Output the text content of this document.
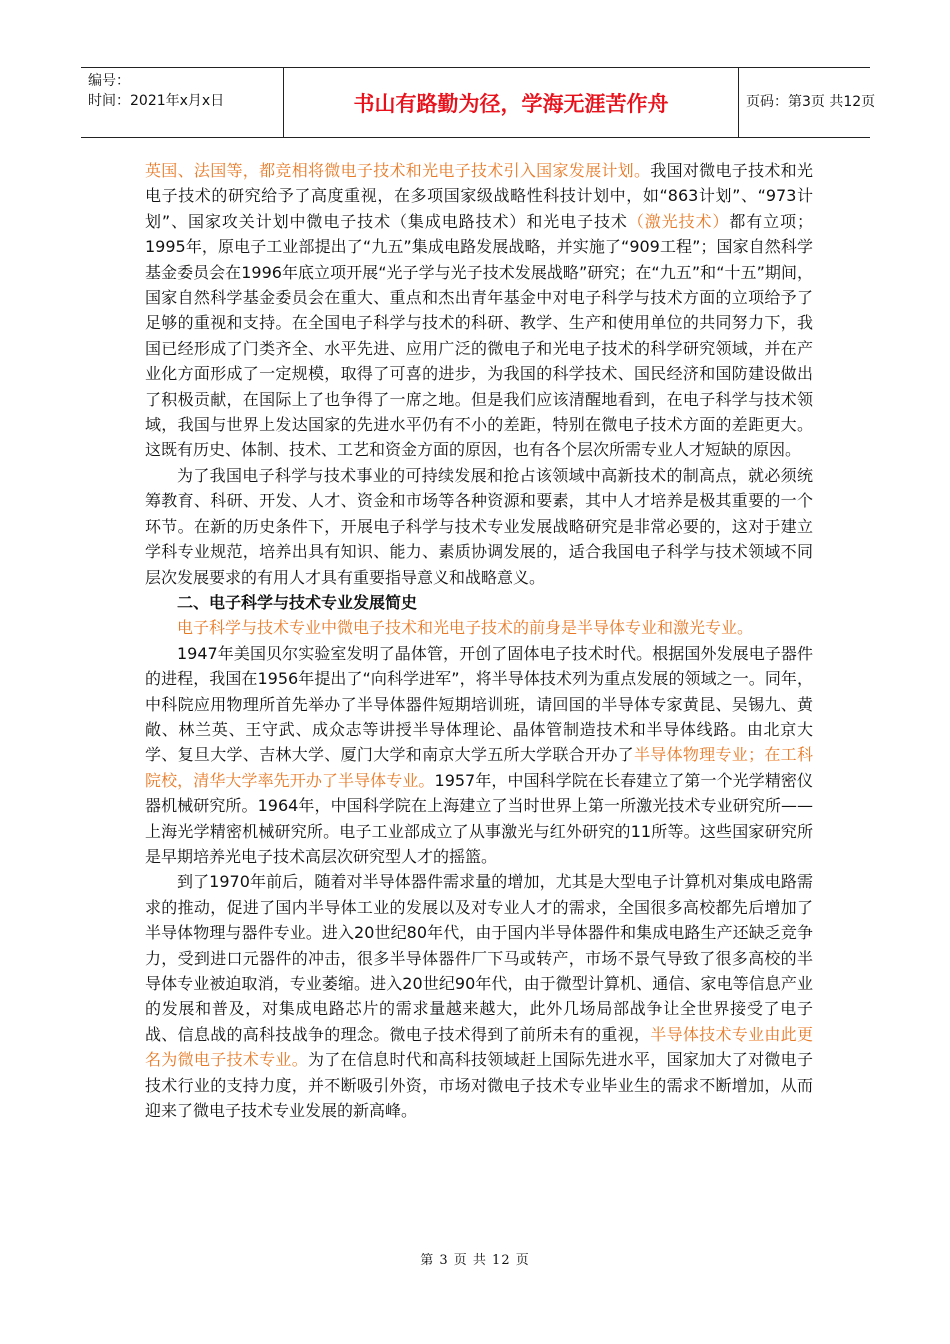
编号：
时间：2021年x月x日	书山有路勤为径，学海无涯苦作舟	页码：第3页 共12页

英国、法国等，都竞相将微电子技术和光电子技术引入国家发展计划。我国对微电子技术和光电子技术的研究给予了高度重视，在多项国家级战略性科技计划中，如“863计划”、“973计划”、国家攻关计划中微电子技术（集成电路技术）和光电子技术（激光技术）都有立项；1995年，原电子工业部提出了“九五”集成电路发展战略，并实施了“909工程”；国家自然科学基金委员会在1996年底立项开展“光子学与光子技术发展战略”研究；在“九五”和“十五”期间，国家自然科学基金委员会在重大、重点和杰出青年基金中对电子科学与技术方面的立项给予了足够的重视和支持。在全国电子科学与技术的科研、教学、生产和使用单位的共同努力下，我国已经形成了门类齐全、水平先进、应用广泛的微电子和光电子技术的科学研究领域，并在产业化方面形成了一定规模，取得了可喜的进步，为我国的科学技术、国民经济和国防建设做出了积极贡献，在国际上了也争得了一席之地。但是我们应该清醒地看到，在电子科学与技术领域，我国与世界上发达国家的先进水平仍有不小的差距，特别在微电子技术方面的差距更大。这既有历史、体制、技术、工艺和资金方面的原因，也有各个层次所需专业人才短缺的原因。

为了我国电子科学与技术事业的可持续发展和抢占该领域中高新技术的制高点，就必须统筹教育、科研、开发、人才、资金和市场等各种资源和要素，其中人才培养是极其重要的一个环节。在新的历史条件下，开展电子科学与技术专业发展战略研究是非常必要的，这对于建立学科专业规范，培养出具有知识、能力、素质协调发展的，适合我国电子科学与技术领域不同层次发展要求的有用人才具有重要指导意义和战略意义。

二、电子科学与技术专业发展简史

电子科学与技术专业中微电子技术和光电子技术的前身是半导体专业和激光专业。

1947年美国贝尔实验室发明了晶体管，开创了固体电子技术时代。根据国外发展电子器件的进程，我国在1956年提出了“向科学进军”，将半导体技术列为重点发展的领域之一。同年，中科院应用物理所首先举办了半导体器件短期培训班，请回国的半导体专家黄昆、吴锡九、黄敞、林兰英、王守武、成众志等讲授半导体理论、晶体管制造技术和半导体线路。由北京大学、复旦大学、吉林大学、厦门大学和南京大学五所大学联合开办了半导体物理专业；在工科院校，清华大学率先开办了半导体专业。1957年，中国科学院在长春建立了第一个光学精密仪器机械研究所。1964年，中国科学院在上海建立了当时世界上第一所激光技术专业研究所——上海光学精密机械研究所。电子工业部成立了从事激光与红外研究的11所等。这些国家研究所是早期培养光电子技术高层次研究型人才的摇篮。

到了1970年前后，随着对半导体器件需求量的增加，尤其是大型电子计算机对集成电路需求的推动，促进了国内半导体工业的发展以及对专业人才的需求，全国很多高校都先后增加了半导体物理与器件专业。进入20世纪80年代，由于国内半导体器件和集成电路生产还缺乏竞争力，受到进口元器件的冲击，很多半导体器件厂下马或转产，市场不景气导致了很多高校的半导体专业被迫取消，专业萎缩。进入20世纪90年代，由于微型计算机、通信、家电等信息产业的发展和普及，对集成电路芯片的需求量越来越大，此外几场局部战争让全世界接受了电子战、信息战的高科技战争的理念。微电子技术得到了前所未有的重视，半导体技术专业由此更名为微电子技术专业。为了在信息时代和高科技领域赶上国际先进水平，国家加大了对微电子技术行业的支持力度，并不断吸引外资，市场对微电子技术专业毕业生的需求不断增加，从而迎来了微电子技术专业发展的新高峰。

第 3 页 共 12 页
